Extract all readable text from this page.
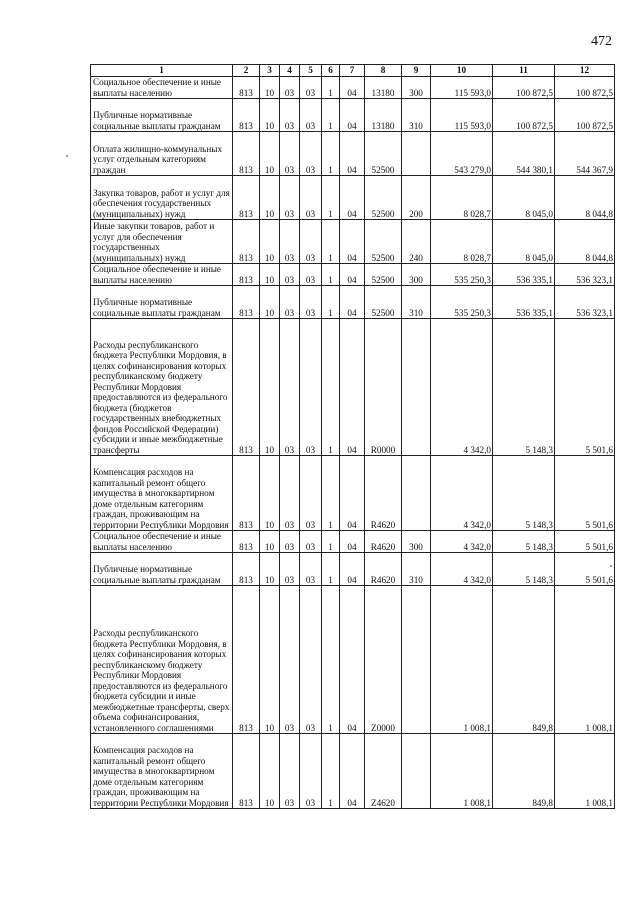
472
1	2	3	4	5	6	7	8	9	10	11	12
Социальное обеспечение и иные выплаты населению	813	10	03	03	1	04	13180	300	115 593,0	100 872,5	100 872,5
Публичные нормативные социальные выплаты гражданам	813	10	03	03	1	04	13180	310	115 593,0	100 872,5	100 872,5
Оплата жилищно-коммунальных услуг отдельным категориям граждан	813	10	03	03	1	04	52500		543 279,0	544 380,1	544 367,9
Закупка товаров, работ и услуг для обеспечения государственных (муниципальных) нужд	813	10	03	03	1	04	52500	200	8 028,7	8 045,0	8 044,8
Иные закупки товаров, работ и услуг для обеспечения государственных (муниципальных) нужд	813	10	03	03	1	04	52500	240	8 028,7	8 045,0	8 044,8
Социальное обеспечение и иные выплаты населению	813	10	03	03	1	04	52500	300	535 250,3	536 335,1	536 323,1
Публичные нормативные социальные выплаты гражданам	813	10	03	03	1	04	52500	310	535 250,3	536 335,1	536 323,1
Расходы республиканского бюджета Республики Мордовия, в целях софинансирования которых республиканскому бюджету Республики Мордовия предоставляются из федерального бюджета (бюджетов государственных внебюджетных фондов Российской Федерации) субсидии и иные межбюджетные трансферты	813	10	03	03	1	04	R0000		4 342,0	5 148,3	5 501,6
Компенсация расходов на капитальный ремонт общего имущества в многоквартирном доме отдельным категориям граждан, проживающим на территории Республики Мордовия	813	10	03	03	1	04	R4620		4 342,0	5 148,3	5 501,6
Социальное обеспечение и иные выплаты населению	813	10	03	03	1	04	R4620	300	4 342,0	5 148,3	5 501,6
Публичные нормативные социальные выплаты гражданам	813	10	03	03	1	04	R4620	310	4 342,0	5 148,3	5 501,6
Расходы республиканского бюджета Республики Мордовия, в целях софинансирования которых республиканскому бюджету Республики Мордовия предоставляются из федерального бюджета субсидии и иные межбюджетные трансферты, сверх объема софинансирования, установленного соглашениями	813	10	03	03	1	04	Z0000		1 008,1	849,8	1 008,1
Компенсация расходов на капитальный ремонт общего имущества в многоквартирном доме отдельным категориям граждан, проживающим на территории Республики Мордовия	813	10	03	03	1	04	Z4620		1 008,1	849,8	1 008,1
